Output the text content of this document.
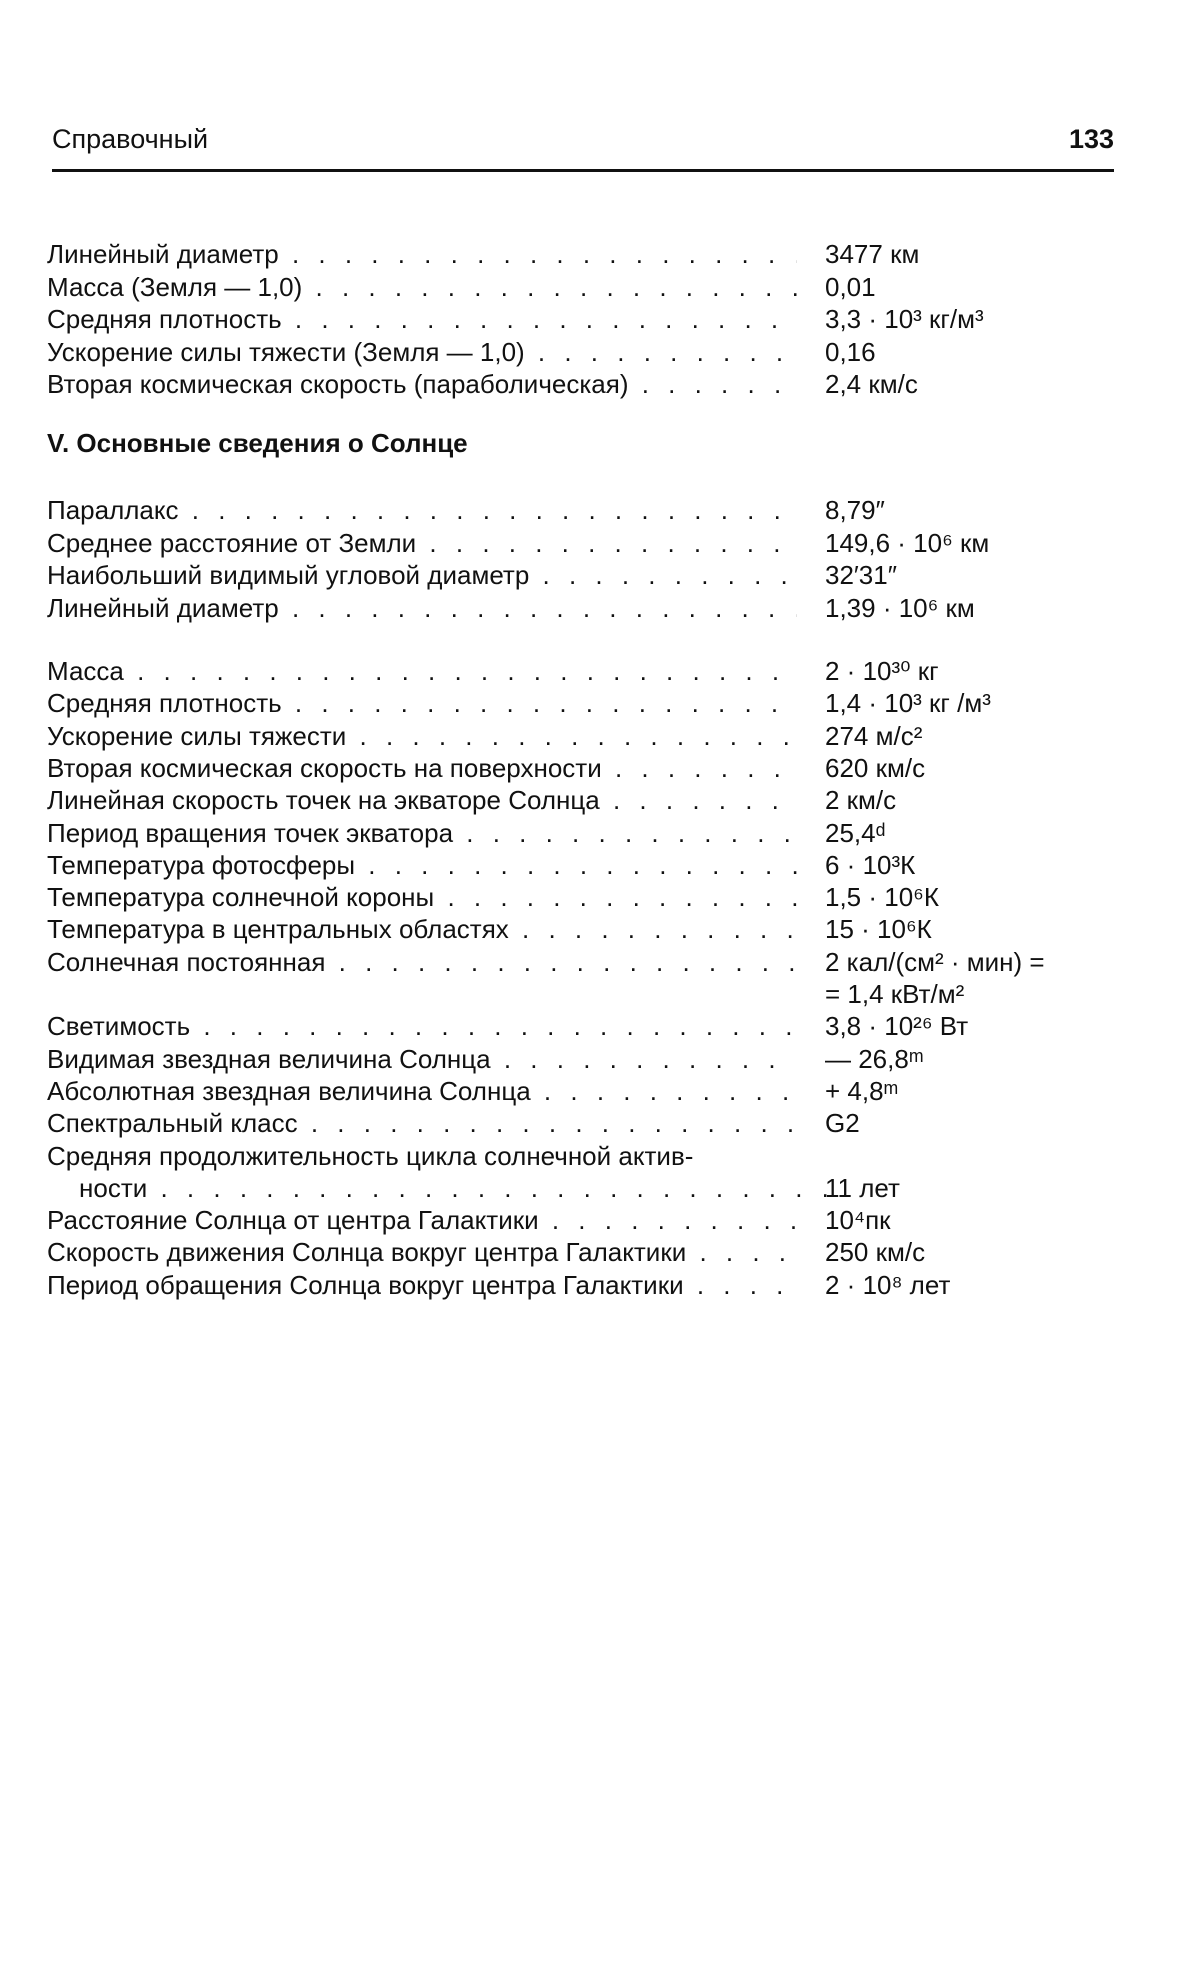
Справочный	133
Линейный диаметр . . .	3477 км
Масса (Земля — 1,0) . . .	0,01
Средняя плотность . . .	3,3 · 10³ кг/м³
Ускорение силы тяжести (Земля — 1,0) . . .	0,16
Вторая космическая скорость (параболическая) . . .	2,4 км/с
Параллакс . . .	8,79″
Среднее расстояние от Земли . . .	149,6 · 10⁶ км
Наибольший видимый угловой диаметр . . .	32′31″
Линейный диаметр . . .	1,39 · 10⁶ км
Масса . . .	2 · 10³⁰ кг
Средняя плотность . . .	1,4 · 10³ кг /м³
Ускорение силы тяжести . . .	274 м/с²
Вторая космическая скорость на поверхности . . .	620 км/с
Линейная скорость точек на экваторе Солнца . . .	2 км/с
Период вращения точек экватора . . .	25,4ᵈ
Температура фотосферы . . .	6 · 10³К
Температура солнечной короны . . .	1,5 · 10⁶К
Температура в центральных областях . . .	15 · 10⁶К
Солнечная постоянная . . .	2 кал/(см² · мин) =
= 1,4 кВт/м²
Светимость . . .	3,8 · 10²⁶ Вт
Видимая звездная величина Солнца . . .	— 26,8ᵐ
Абсолютная звездная величина Солнца . . .	+ 4,8ᵐ
Спектральный класс . . .	G2
Средняя продолжительность цикла солнечной актив-
ности . . .	11 лет
Расстояние Солнца от центра Галактики . . .	10⁴пк
Скорость движения Солнца вокруг центра Галактики . . .	250 км/с
Период обращения Солнца вокруг центра Галактики . . .	2 · 10⁸ лет
V. Основные сведения о Солнце
